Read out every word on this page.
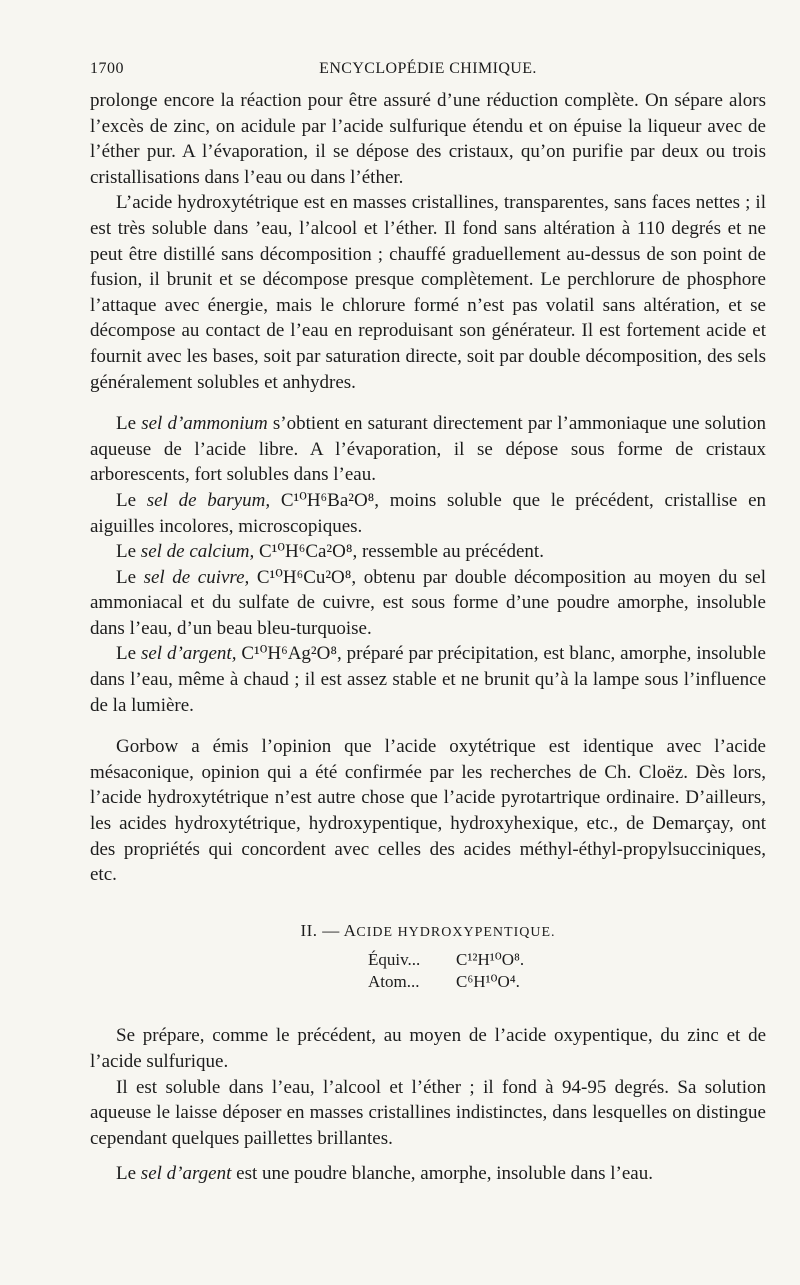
1700	ENCYCLOPÉDIE CHIMIQUE.

prolonge encore la réaction pour être assuré d’une réduction complète. On sépare alors l’excès de zinc, on acidule par l’acide sulfurique étendu et on épuise la liqueur avec de l’éther pur. A l’évaporation, il se dépose des cristaux, qu’on purifie par deux ou trois cristallisations dans l’eau ou dans l’éther.

L’acide hydroxytétrique est en masses cristallines, transparentes, sans faces nettes ; il est très soluble dans ’eau, l’alcool et l’éther. Il fond sans altération à 110 degrés et ne peut être distillé sans décomposition ; chauffé graduellement au-dessus de son point de fusion, il brunit et se décompose presque complètement. Le perchlorure de phosphore l’attaque avec énergie, mais le chlorure formé n’est pas volatil sans altération, et se décompose au contact de l’eau en reproduisant son générateur. Il est fortement acide et fournit avec les bases, soit par saturation directe, soit par double décomposition, des sels généralement solubles et anhydres.

Le sel d’ammonium s’obtient en saturant directement par l’ammoniaque une solution aqueuse de l’acide libre. A l’évaporation, il se dépose sous forme de cristaux arborescents, fort solubles dans l’eau.

Le sel de baryum, C¹⁰H⁶Ba²O⁸, moins soluble que le précédent, cristallise en aiguilles incolores, microscopiques.

Le sel de calcium, C¹⁰H⁶Ca²O⁸, ressemble au précédent.

Le sel de cuivre, C¹⁰H⁶Cu²O⁸, obtenu par double décomposition au moyen du sel ammoniacal et du sulfate de cuivre, est sous forme d’une poudre amorphe, insoluble dans l’eau, d’un beau bleu-turquoise.

Le sel d’argent, C¹⁰H⁶Ag²O⁸, préparé par précipitation, est blanc, amorphe, insoluble dans l’eau, même à chaud ; il est assez stable et ne brunit qu’à la lampe sous l’influence de la lumière.

Gorbow a émis l’opinion que l’acide oxytétrique est identique avec l’acide mésaconique, opinion qui a été confirmée par les recherches de Ch. Cloëz. Dès lors, l’acide hydroxytétrique n’est autre chose que l’acide pyrotartrique ordinaire. D’ailleurs, les acides hydroxytétrique, hydroxypentique, hydroxyhexique, etc., de Demarçay, ont des propriétés qui concordent avec celles des acides méthyl-éthyl-propylsucciniques, etc.

II. — ACIDE HYDROXYPENTIQUE.
Équiv...	C¹²H¹⁰O⁸.
Atom...	C⁶H¹⁰O⁴.

Se prépare, comme le précédent, au moyen de l’acide oxypentique, du zinc et de l’acide sulfurique.

Il est soluble dans l’eau, l’alcool et l’éther ; il fond à 94-95 degrés. Sa solution aqueuse le laisse déposer en masses cristallines indistinctes, dans lesquelles on distingue cependant quelques paillettes brillantes.

Le sel d’argent est une poudre blanche, amorphe, insoluble dans l’eau.
